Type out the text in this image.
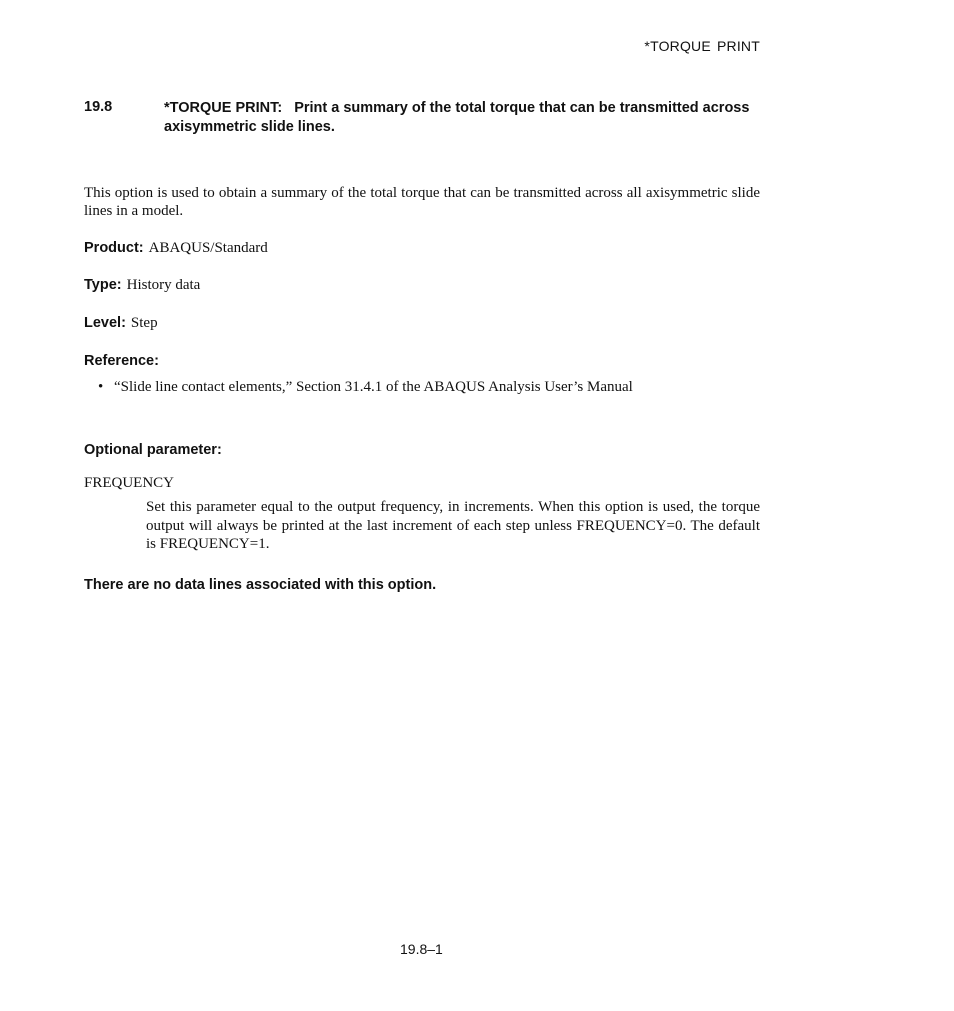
*TORQUE PRINT
19.8	*TORQUE PRINT: Print a summary of the total torque that can be transmitted across axisymmetric slide lines.

This option is used to obtain a summary of the total torque that can be transmitted across all axisymmetric slide lines in a model.

Product: ABAQUS/Standard
Type: History data
Level: Step
Reference:
• “Slide line contact elements,” Section 31.4.1 of the ABAQUS Analysis User’s Manual
Optional parameter:
FREQUENCY

Set this parameter equal to the output frequency, in increments. When this option is used, the torque output will always be printed at the last increment of each step unless FREQUENCY=0. The default is FREQUENCY=1.

There are no data lines associated with this option.
19.8–1
